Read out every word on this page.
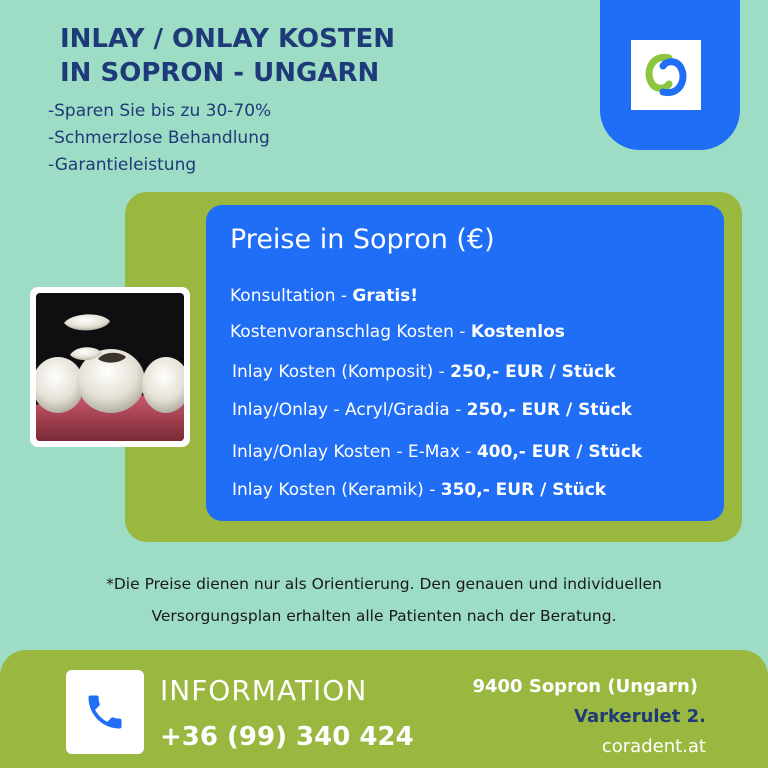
INLAY / ONLAY KOSTEN
IN SOPRON - UNGARN
-Sparen Sie bis zu 30-70%
-Schmerzlose Behandlung
-Garantieleistung
Preise in Sopron (€)
Konsultation - Gratis!
Kostenvoranschlag Kosten - Kostenlos
Inlay Kosten (Komposit) - 250,- EUR / Stück
Inlay/Onlay - Acryl/Gradia - 250,- EUR / Stück
Inlay/Onlay Kosten - E-Max - 400,- EUR / Stück
Inlay Kosten (Keramik) - 350,- EUR / Stück
*Die Preise dienen nur als Orientierung. Den genauen und individuellen
Versorgungsplan erhalten alle Patienten nach der Beratung.
INFORMATION
+36 (99) 340 424
9400 Sopron (Ungarn)
Varkerulet 2.
coradent.at
